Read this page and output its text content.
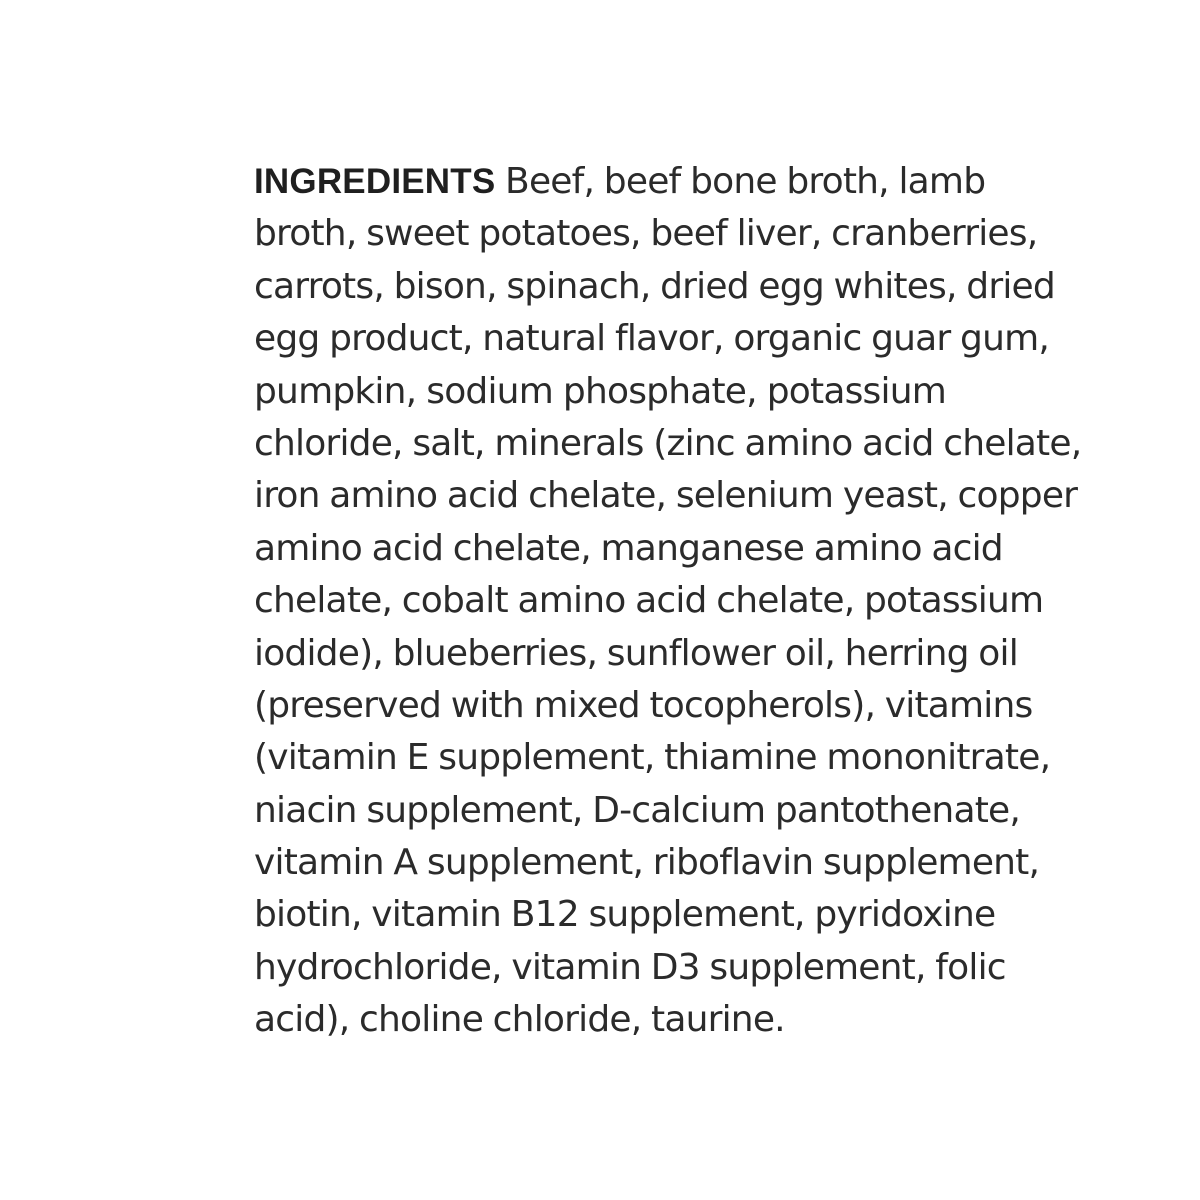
INGREDIENTS Beef, beef bone broth, lamb
broth, sweet potatoes, beef liver, cranberries,
carrots, bison, spinach, dried egg whites, dried
egg product, natural flavor, organic guar gum,
pumpkin, sodium phosphate, potassium
chloride, salt, minerals (zinc amino acid chelate,
iron amino acid chelate, selenium yeast, copper
amino acid chelate, manganese amino acid
chelate, cobalt amino acid chelate, potassium
iodide), blueberries, sunflower oil, herring oil
(preserved with mixed tocopherols), vitamins
(vitamin E supplement, thiamine mononitrate,
niacin supplement, D-calcium pantothenate,
vitamin A supplement, riboflavin supplement,
biotin, vitamin B12 supplement, pyridoxine
hydrochloride, vitamin D3 supplement, folic
acid), choline chloride, taurine.
